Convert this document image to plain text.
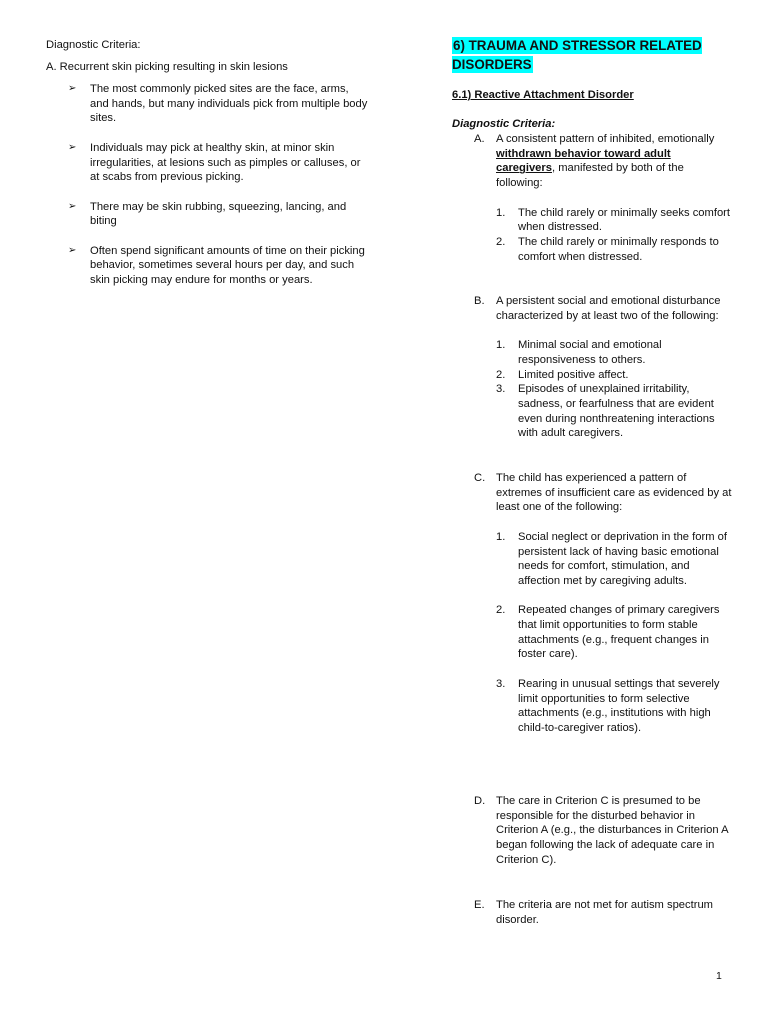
Diagnostic Criteria:

A. Recurrent skin picking resulting in skin lesions

➢	The most commonly picked sites are the face, arms, and hands, but many individuals pick from multiple body sites.
➢	Individuals may pick at healthy skin, at minor skin irregularities, at lesions such as pimples or calluses, or at scabs from previous picking.
➢	There may be skin rubbing, squeezing, lancing, and biting
➢	Often spend significant amounts of time on their picking behavior, sometimes several hours per day, and such skin picking may endure for months or years.
6) TRAUMA AND STRESSOR RELATED DISORDERS

6.1) Reactive Attachment Disorder

Diagnostic Criteria:

A. A consistent pattern of inhibited, emotionally withdrawn behavior toward adult caregivers, manifested by both of the following:

1. The child rarely or minimally seeks comfort when distressed.
2. The child rarely or minimally responds to comfort when distressed.
B. A persistent social and emotional disturbance characterized by at least two of the following:

1. Minimal social and emotional responsiveness to others.
2. Limited positive affect.
3. Episodes of unexplained irritability, sadness, or fearfulness that are evident even during nonthreatening interactions with adult caregivers.
C. The child has experienced a pattern of extremes of insufficient care as evidenced by at least one of the following:

1. Social neglect or deprivation in the form of persistent lack of having basic emotional needs for comfort, stimulation, and affection met by caregiving adults.
2. Repeated changes of primary caregivers that limit opportunities to form stable attachments (e.g., frequent changes in foster care).
3. Rearing in unusual settings that severely limit opportunities to form selective attachments (e.g., institutions with high child-to-caregiver ratios).
D. The care in Criterion C is presumed to be responsible for the disturbed behavior in Criterion A (e.g., the disturbances in Criterion A began following the lack of adequate care in Criterion C).

E. The criteria are not met for autism spectrum disorder.

1
